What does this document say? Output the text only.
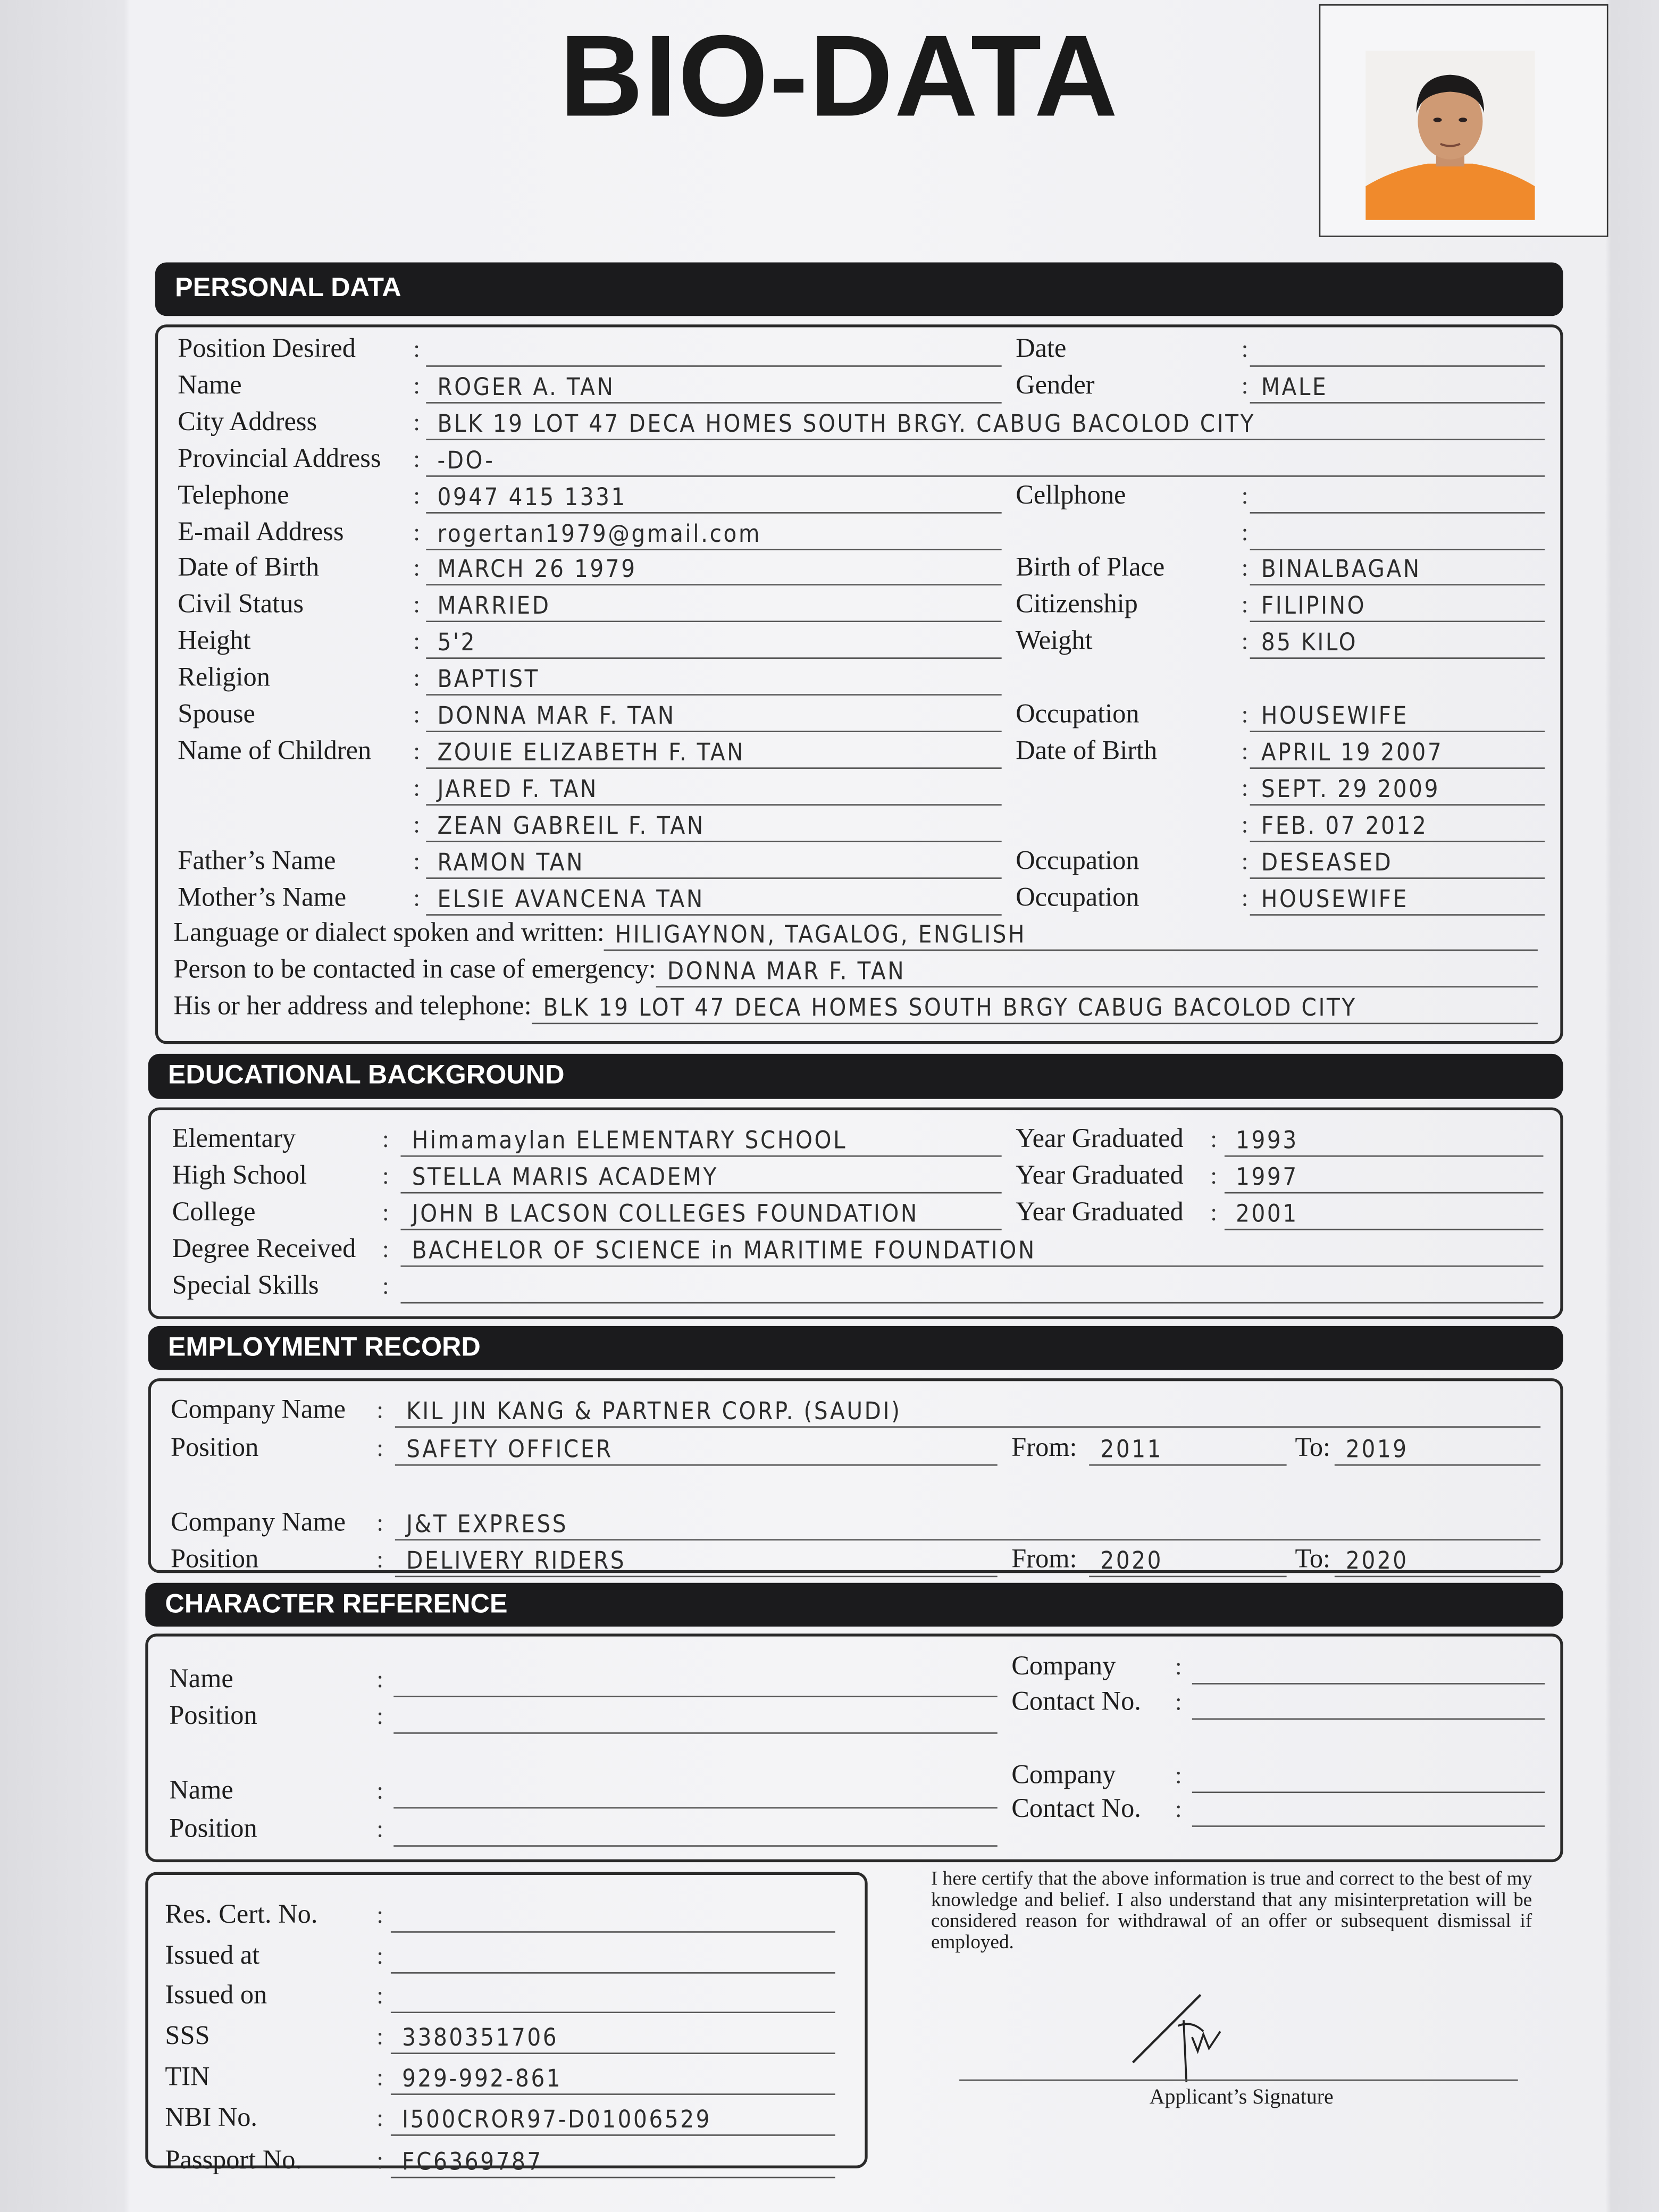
BIO-DATA
PERSONAL DATA
Position Desired	:	Date	:
Name	: ROGER A. TAN	Gender	: MALE
City Address	: BLK 19 LOT 47 DECA HOMES SOUTH BRGY. CABUG BACOLOD CITY
Provincial Address	: -DO-
Telephone	: 0947 415 1331	Cellphone	:
E-mail Address	: rogertan1979@gmail.com	:
Date of Birth	: MARCH 26 1979	Birth of Place	: BINALBAGAN
Civil Status	: MARRIED	Citizenship	: FILIPINO
Height	: 5'2	Weight	: 85 KILO
Religion	: BAPTIST
Spouse	: DONNA MAR F. TAN	Occupation	: HOUSEWIFE
Name of Children	: ZOUIE ELIZABETH F. TAN	Date of Birth	: APRIL 19 2007
: JARED F. TAN	: SEPT. 29 2009
: ZEAN GABREIL F. TAN	: FEB. 07 2012
Father’s Name	: RAMON TAN	Occupation	: DESEASED
Mother’s Name	: ELSIE AVANCENA TAN	Occupation	: HOUSEWIFE
Language or dialect spoken and written: HILIGAYNON, TAGALOG, ENGLISH
Person to be contacted in case of emergency: DONNA MAR F. TAN
His or her address and telephone: BLK 19 LOT 47 DECA HOMES SOUTH BRGY CABUG BACOLOD CITY
EDUCATIONAL BACKGROUND
Elementary	:	Himamaylan ELEMENTARY SCHOOL	Year Graduated	: 1993
High School	:	STELLA MARIS ACADEMY	Year Graduated	: 1997
College	:	JOHN B LACSON COLLEGES FOUNDATION	Year Graduated	: 2001
Degree Received	:	BACHELOR OF SCIENCE in MARITIME FOUNDATION
Special Skills	:
EMPLOYMENT RECORD
Company Name	:	KIL JIN KANG & PARTNER CORP. (SAUDI)
Position	:	SAFETY OFFICER	From:	2011	To: 2019
Company Name	:	J&T EXPRESS
Position	:	DELIVERY RIDERS	From:	2020	To: 2020
CHARACTER REFERENCE
Name	:
Position	:
Company	:
Contact No.	:
Name	:
Position	:
Company	:
Contact No.	:
Res. Cert. No.	:
Issued at	:
Issued on	:
SSS	: 3380351706
TIN	: 929-992-861
NBI No.	: I500CROR97-D01006529
Passport No.	: FC6369787
I here certify that the above information is true and correct to the best of my knowledge and belief. I also understand that any misinterpretation will be considered reason for withdrawal of an offer or subsequent dismissal if employed.
Applicant’s Signature
